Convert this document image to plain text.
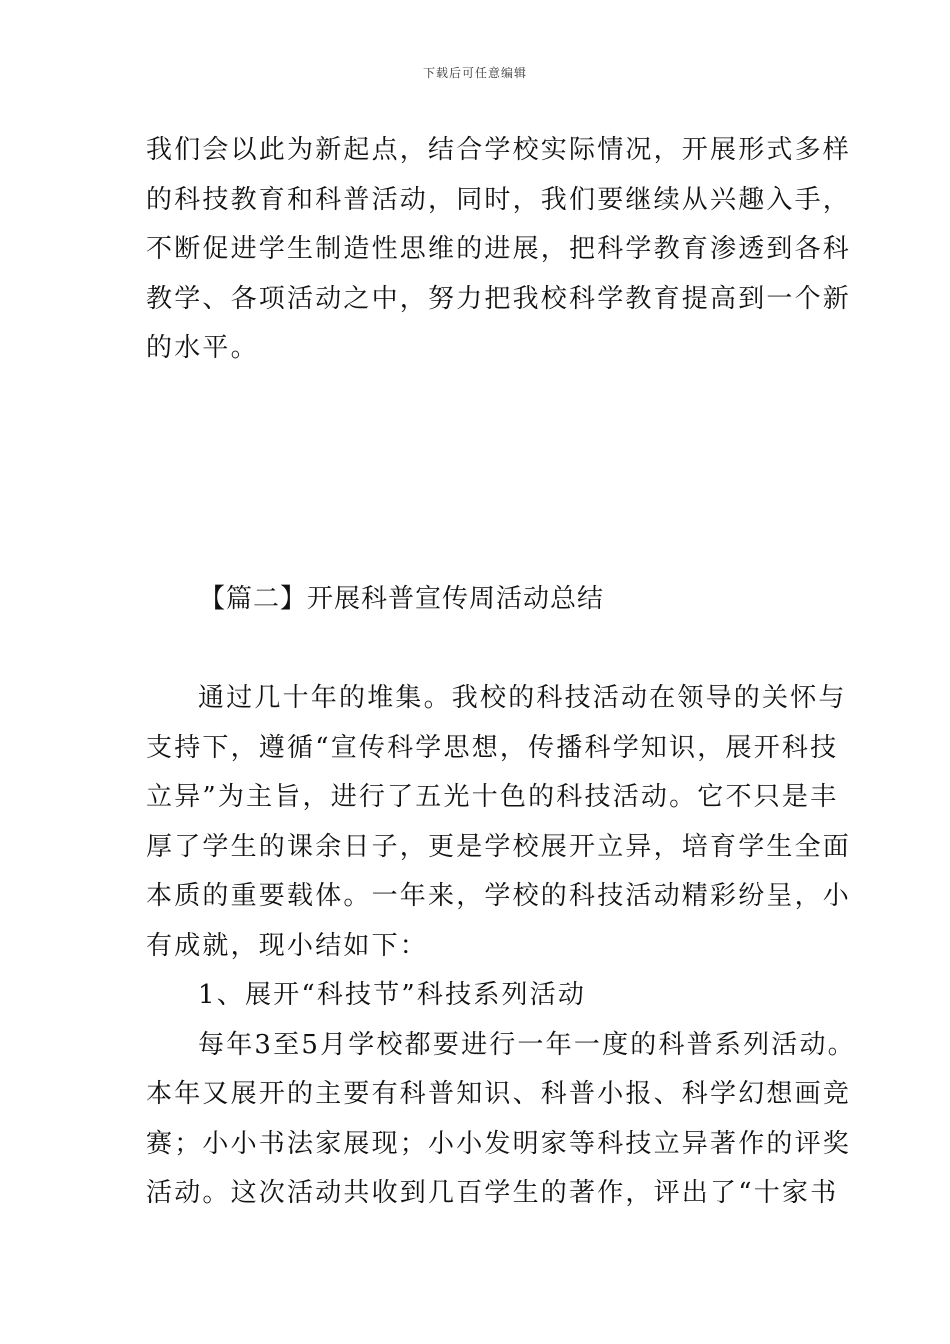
下载后可任意编辑
我们会以此为新起点，结合学校实际情况，开展形式多样
的科技教育和科普活动，同时，我们要继续从兴趣入手，
不断促进学生制造性思维的进展，把科学教育渗透到各科
教学、各项活动之中，努力把我校科学教育提高到一个新
的水平。
【篇二】开展科普宣传周活动总结
通过几十年的堆集。我校的科技活动在领导的关怀与
支持下，遵循“宣传科学思想，传播科学知识，展开科技
立异”为主旨，进行了五光十色的科技活动。它不只是丰
厚了学生的课余日子，更是学校展开立异，培育学生全面
本质的重要载体。一年来，学校的科技活动精彩纷呈，小
有成就，现小结如下：
1、展开“科技节”科技系列活动
每年3至5月学校都要进行一年一度的科普系列活动。
本年又展开的主要有科普知识、科普小报、科学幻想画竞
赛；小小书法家展现；小小发明家等科技立异著作的评奖
活动。这次活动共收到几百学生的著作，评出了“十家书
